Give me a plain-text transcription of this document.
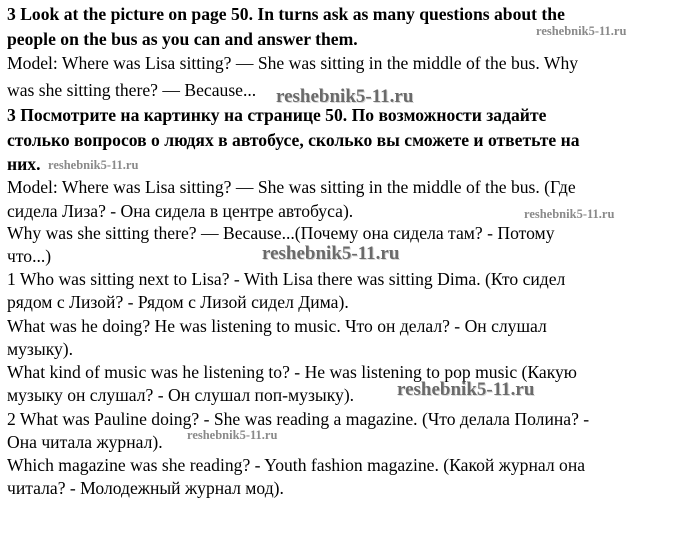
3 Look at the picture on page 50. In turns ask as many questions about the
people on the bus as you can and answer them.
Model: Where was Lisa sitting? — She was sitting in the middle of the bus. Why
was she sitting there? — Because...
3 Посмотрите на картинку на странице 50. По возможности задайте
столько вопросов о людях в автобусе, сколько вы сможете и ответьте на
них.
Model: Where was Lisa sitting? — She was sitting in the middle of the bus. (Где
сидела Лиза? - Она сидела в центре автобуса).
Why was she sitting there? — Because...(Почему она сидела там? - Потому
что...)
1 Who was sitting next to Lisa? - With Lisa there was sitting Dima. (Кто сидел
рядом с Лизой? - Рядом с Лизой сидел Дима).
What was he doing? He was listening to music. Что он делал? - Он слушал
музыку).
What kind of music was he listening to? - He was listening to pop music (Какую
музыку он слушал? - Он слушал поп-музыку).
2 What was Pauline doing? - She was reading a magazine. (Что делала Полина? -
Она читала журнал).
Which magazine was she reading? - Youth fashion magazine. (Какой журнал она
читала? - Молодежный журнал мод).
reshebnik5-11.ru
reshebnik5-11.ru
reshebnik5-11.ru
reshebnik5-11.ru
reshebnik5-11.ru
reshebnik5-11.ru
reshebnik5-11.ru
